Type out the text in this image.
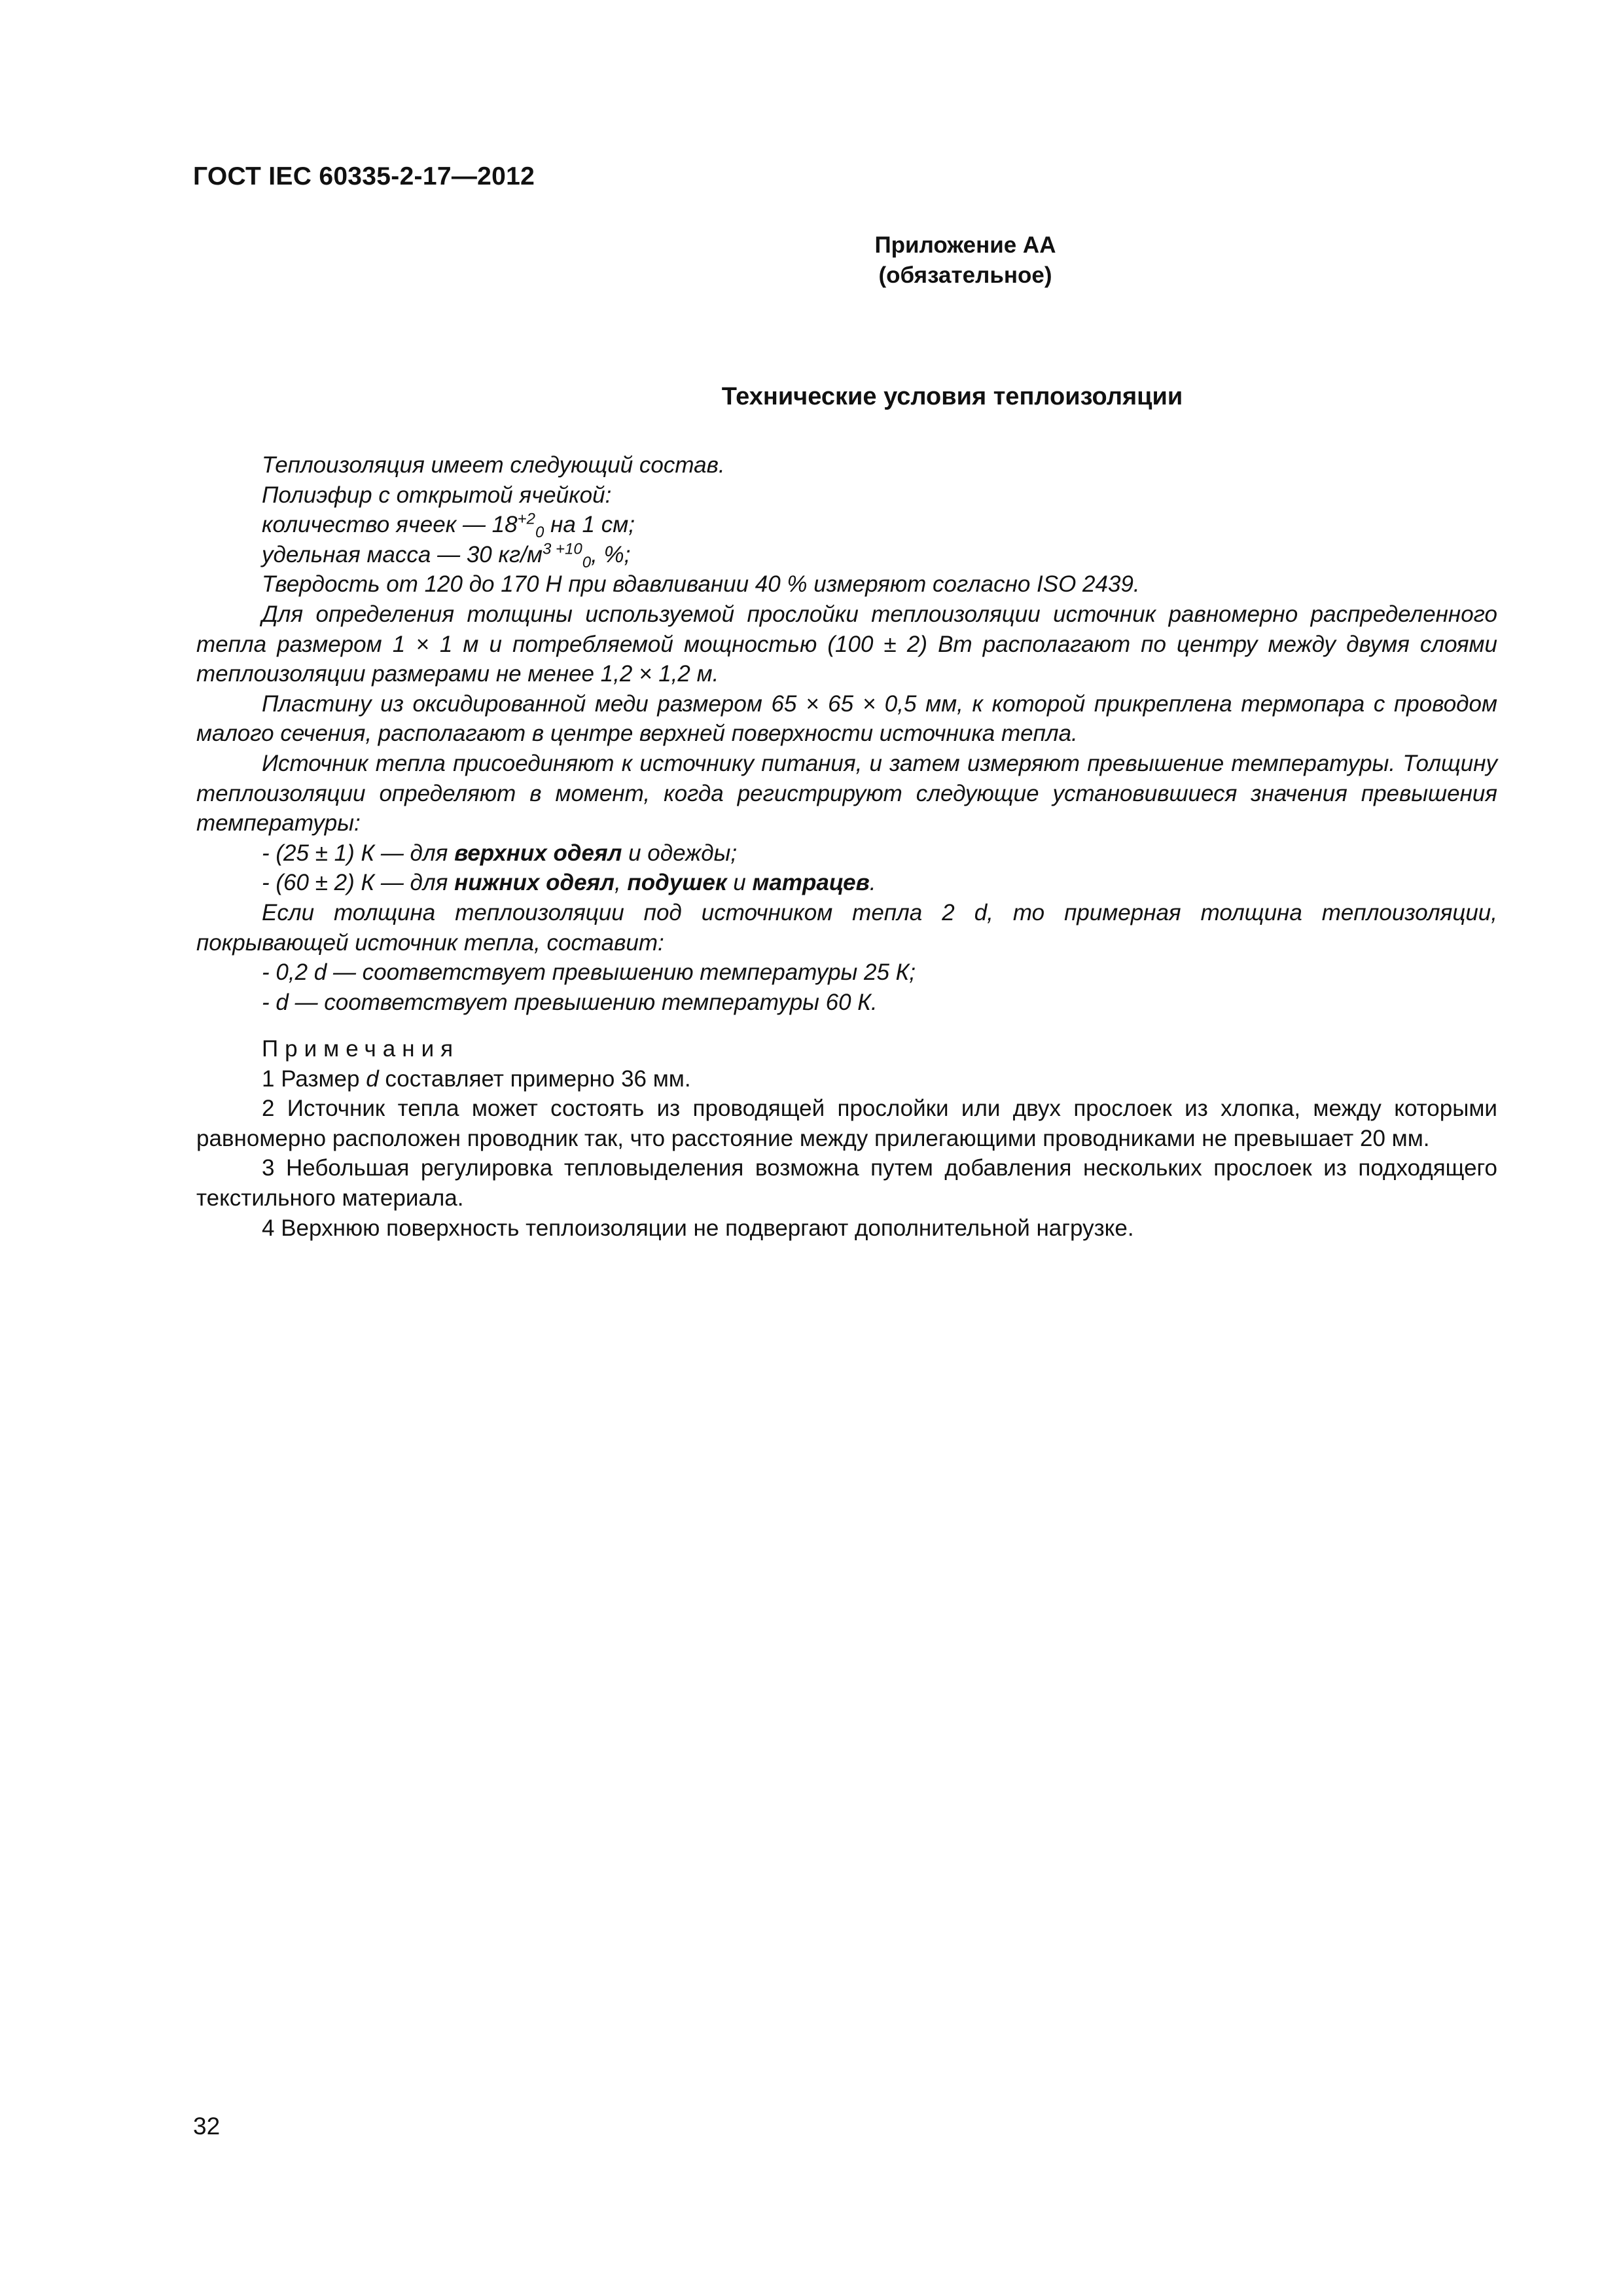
ГОСТ IEC 60335-2-17—2012
Приложение АА
(обязательное)
Технические условия теплоизоляции

Теплоизоляция имеет следующий состав.

Полиэфир с открытой ячейкой:

количество ячеек — $18^{+2}_0$ на 1 см;

удельная масса — 30 $кг/м^{3 +10}_0$, %;

Твердость от 120 до 170 Н при вдавливании 40 % измеряют согласно ISO 2439.

Для определения толщины используемой прослойки теплоизоляции источник равномерно распределенного тепла размером 1 × 1 м и потребляемой мощностью (100 ± 2) Вт располагают по центру между двумя слоями теплоизоляции размерами не менее 1,2 × 1,2 м.

Пластину из оксидированной меди размером 65 × 65 × 0,5 мм, к которой прикреплена термопара с проводом малого сечения, располагают в центре верхней поверхности источника тепла.

Источник тепла присоединяют к источнику питания, и затем измеряют превышение температуры. Толщину теплоизоляции определяют в момент, когда регистрируют следующие установившиеся значения превышения температуры:

- (25 ± 1) К — для верхних одеял и одежды;

- (60 ± 2) К — для нижних одеял, подушек и матрацев.

Если толщина теплоизоляции под источником тепла 2 d, то примерная толщина теплоизоляции, покрывающей источник тепла, составит:

- 0,2 d — соответствует превышению температуры 25 К;

- d — соответствует превышению температуры 60 К.

Примечания

1 Размер d составляет примерно 36 мм.

2 Источник тепла может состоять из проводящей прослойки или двух прослоек из хлопка, между которыми равномерно расположен проводник так, что расстояние между прилегающими проводниками не превышает 20 мм.

3 Небольшая регулировка тепловыделения возможна путем добавления нескольких прослоек из подходящего текстильного материала.

4 Верхнюю поверхность теплоизоляции не подвергают дополнительной нагрузке.

32
